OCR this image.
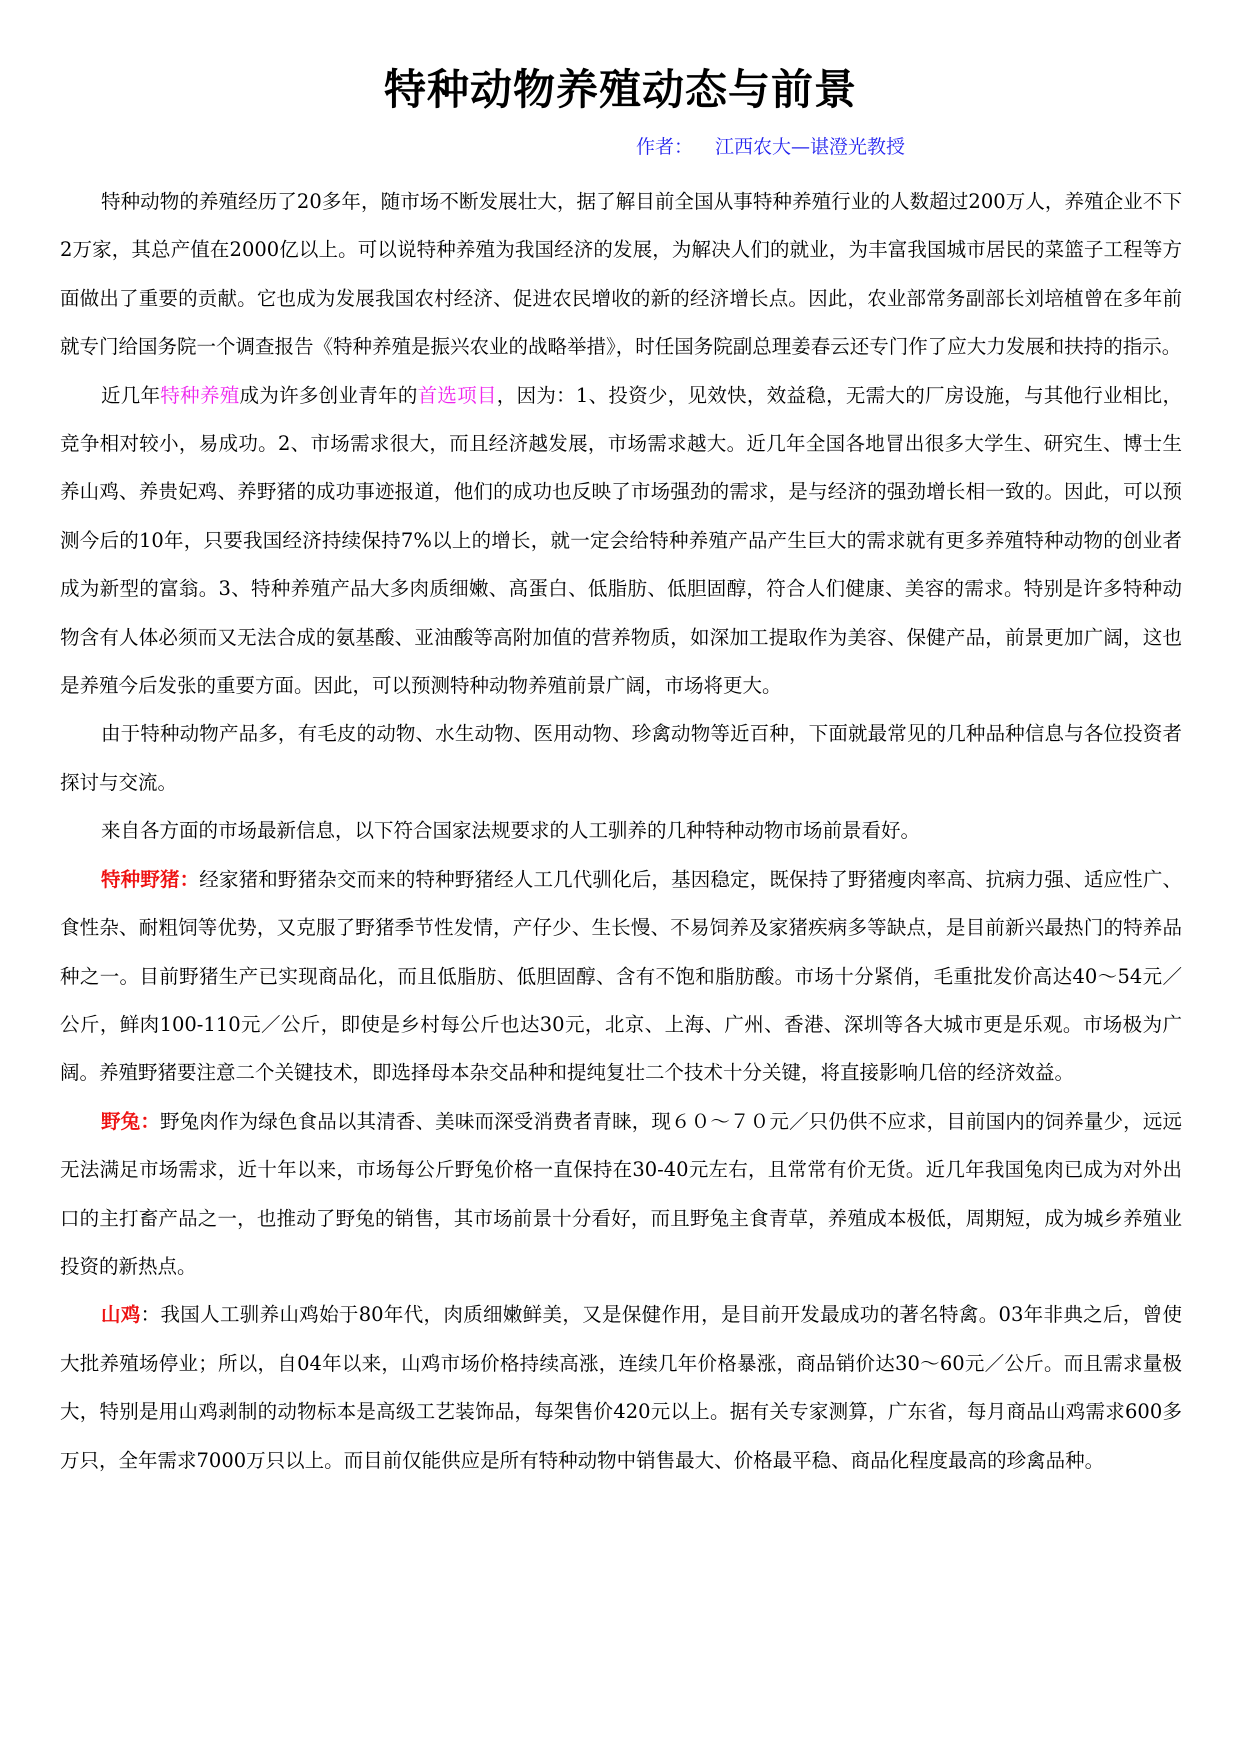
特种动物养殖动态与前景
作者： 江西农大—谌澄光教授

特种动物的养殖经历了20多年，随市场不断发展壮大，据了解目前全国从事特种养殖行业的人数超过200万人，养殖企业不下2万家，其总产值在2000亿以上。可以说特种养殖为我国经济的发展，为解决人们的就业，为丰富我国城市居民的菜篮子工程等方面做出了重要的贡献。它也成为发展我国农村经济、促进农民增收的新的经济增长点。因此，农业部常务副部长刘培植曾在多年前就专门给国务院一个调查报告《特种养殖是振兴农业的战略举措》，时任国务院副总理姜春云还专门作了应大力发展和扶持的指示。

近几年特种养殖成为许多创业青年的首选项目，因为：1、投资少，见效快，效益稳，无需大的厂房设施，与其他行业相比，竞争相对较小，易成功。2、市场需求很大，而且经济越发展，市场需求越大。近几年全国各地冒出很多大学生、研究生、博士生养山鸡、养贵妃鸡、养野猪的成功事迹报道，他们的成功也反映了市场强劲的需求，是与经济的强劲增长相一致的。因此，可以预测今后的10年，只要我国经济持续保持7%以上的增长，就一定会给特种养殖产品产生巨大的需求就有更多养殖特种动物的创业者成为新型的富翁。3、特种养殖产品大多肉质细嫩、高蛋白、低脂肪、低胆固醇，符合人们健康、美容的需求。特别是许多特种动物含有人体必须而又无法合成的氨基酸、亚油酸等高附加值的营养物质，如深加工提取作为美容、保健产品，前景更加广阔，这也是养殖今后发张的重要方面。因此，可以预测特种动物养殖前景广阔，市场将更大。

由于特种动物产品多，有毛皮的动物、水生动物、医用动物、珍禽动物等近百种，下面就最常见的几种品种信息与各位投资者探讨与交流。

来自各方面的市场最新信息，以下符合国家法规要求的人工驯养的几种特种动物市场前景看好。

特种野猪：经家猪和野猪杂交而来的特种野猪经人工几代驯化后，基因稳定，既保持了野猪瘦肉率高、抗病力强、适应性广、食性杂、耐粗饲等优势，又克服了野猪季节性发情，产仔少、生长慢、不易饲养及家猪疾病多等缺点，是目前新兴最热门的特养品种之一。目前野猪生产已实现商品化，而且低脂肪、低胆固醇、含有不饱和脂肪酸。市场十分紧俏，毛重批发价高达40～54元／公斤，鲜肉100-110元／公斤，即使是乡村每公斤也达30元，北京、上海、广州、香港、深圳等各大城市更是乐观。市场极为广阔。养殖野猪要注意二个关键技术，即选择母本杂交品种和提纯复壮二个技术十分关键，将直接影响几倍的经济效益。

野兔：野兔肉作为绿色食品以其清香、美味而深受消费者青睐，现６０～７０元／只仍供不应求，目前国内的饲养量少，远远无法满足市场需求，近十年以来，市场每公斤野兔价格一直保持在30-40元左右，且常常有价无货。近几年我国兔肉已成为对外出口的主打畜产品之一，也推动了野兔的销售，其市场前景十分看好，而且野兔主食青草，养殖成本极低，周期短，成为城乡养殖业投资的新热点。

山鸡：我国人工驯养山鸡始于80年代，肉质细嫩鲜美，又是保健作用，是目前开发最成功的著名特禽。03年非典之后，曾使大批养殖场停业；所以，自04年以来，山鸡市场价格持续高涨，连续几年价格暴涨，商品销价达30～60元／公斤。而且需求量极大，特别是用山鸡剥制的动物标本是高级工艺装饰品，每架售价420元以上。据有关专家测算，广东省，每月商品山鸡需求600多万只，全年需求7000万只以上。而目前仅能供应是所有特种动物中销售最大、价格最平稳、商品化程度最高的珍禽品种。
